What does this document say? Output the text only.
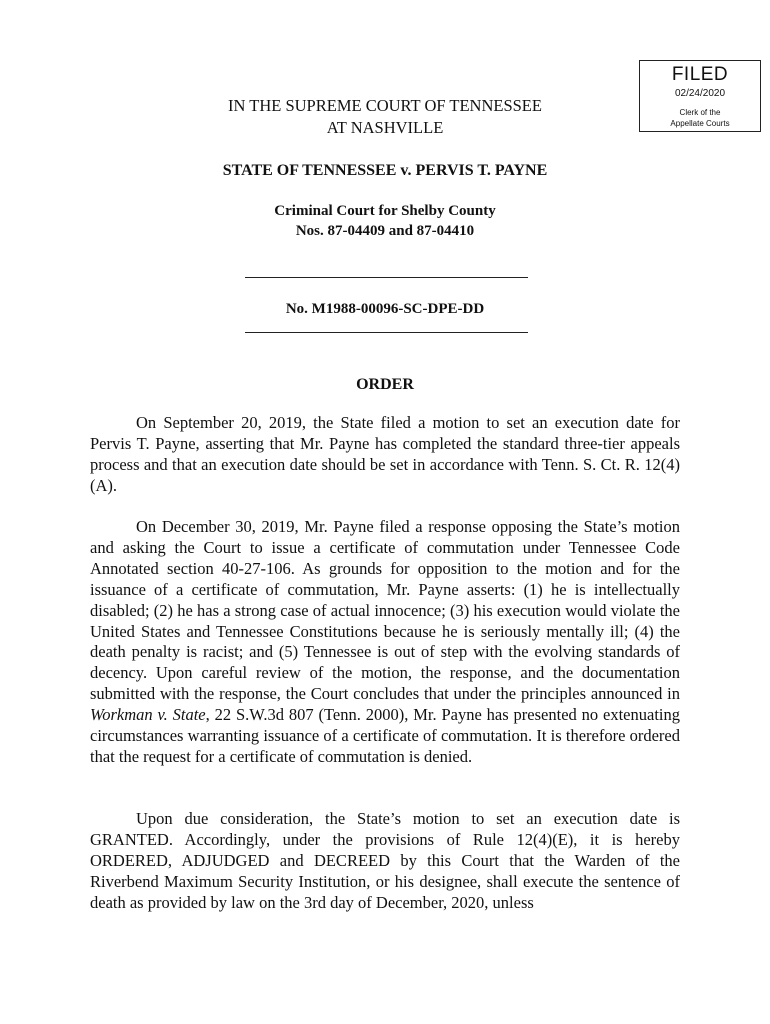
FILED
02/24/2020
Clerk of the
Appellate Courts
IN THE SUPREME COURT OF TENNESSEE
AT NASHVILLE
STATE OF TENNESSEE v. PERVIS T. PAYNE
Criminal Court for Shelby County
Nos. 87-04409 and 87-04410
No. M1988-00096-SC-DPE-DD
ORDER

On September 20, 2019, the State filed a motion to set an execution date for Pervis T. Payne, asserting that Mr. Payne has completed the standard three-tier appeals process and that an execution date should be set in accordance with Tenn. S. Ct. R. 12(4)(A).

On December 30, 2019, Mr. Payne filed a response opposing the State’s motion and asking the Court to issue a certificate of commutation under Tennessee Code Annotated section 40-27-106. As grounds for opposition to the motion and for the issuance of a certificate of commutation, Mr. Payne asserts: (1) he is intellectually disabled; (2) he has a strong case of actual innocence; (3) his execution would violate the United States and Tennessee Constitutions because he is seriously mentally ill; (4) the death penalty is racist; and (5) Tennessee is out of step with the evolving standards of decency. Upon careful review of the motion, the response, and the documentation submitted with the response, the Court concludes that under the principles announced in Workman v. State, 22 S.W.3d 807 (Tenn. 2000), Mr. Payne has presented no extenuating circumstances warranting issuance of a certificate of commutation. It is therefore ordered that the request for a certificate of commutation is denied.

Upon due consideration, the State’s motion to set an execution date is GRANTED. Accordingly, under the provisions of Rule 12(4)(E), it is hereby ORDERED, ADJUDGED and DECREED by this Court that the Warden of the Riverbend Maximum Security Institution, or his designee, shall execute the sentence of death as provided by law on the 3rd day of December, 2020, unless
